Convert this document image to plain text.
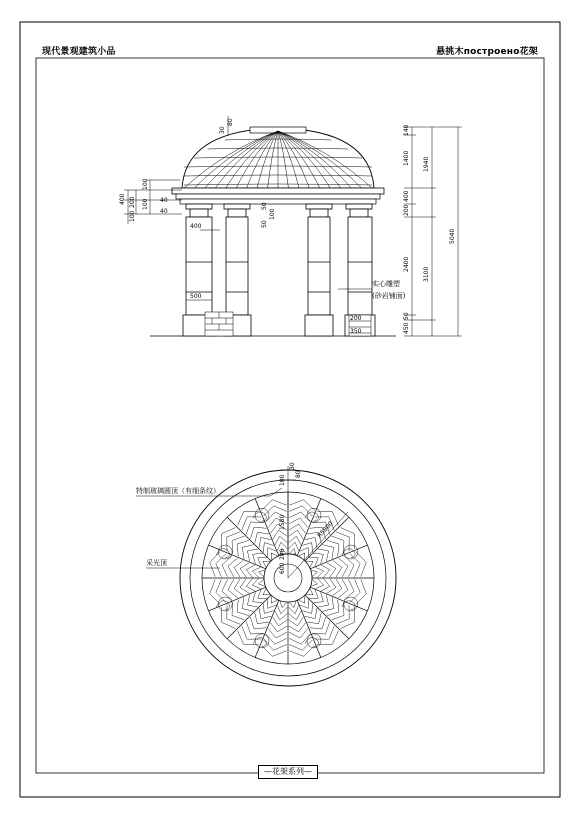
400 200
100
100
100
40
40
400
500
30
80
50
100
50
200
350
实心雕塑
(砂岩铺面)
140
1400
400
200
2400
50
450
1940
3100
5040
30
80
100
1580
200
600
R5800
特制玻璃圆顶（有细条纹）
采光顶
现代景观建筑小品	悬挑木построено花架
—花架系列—
